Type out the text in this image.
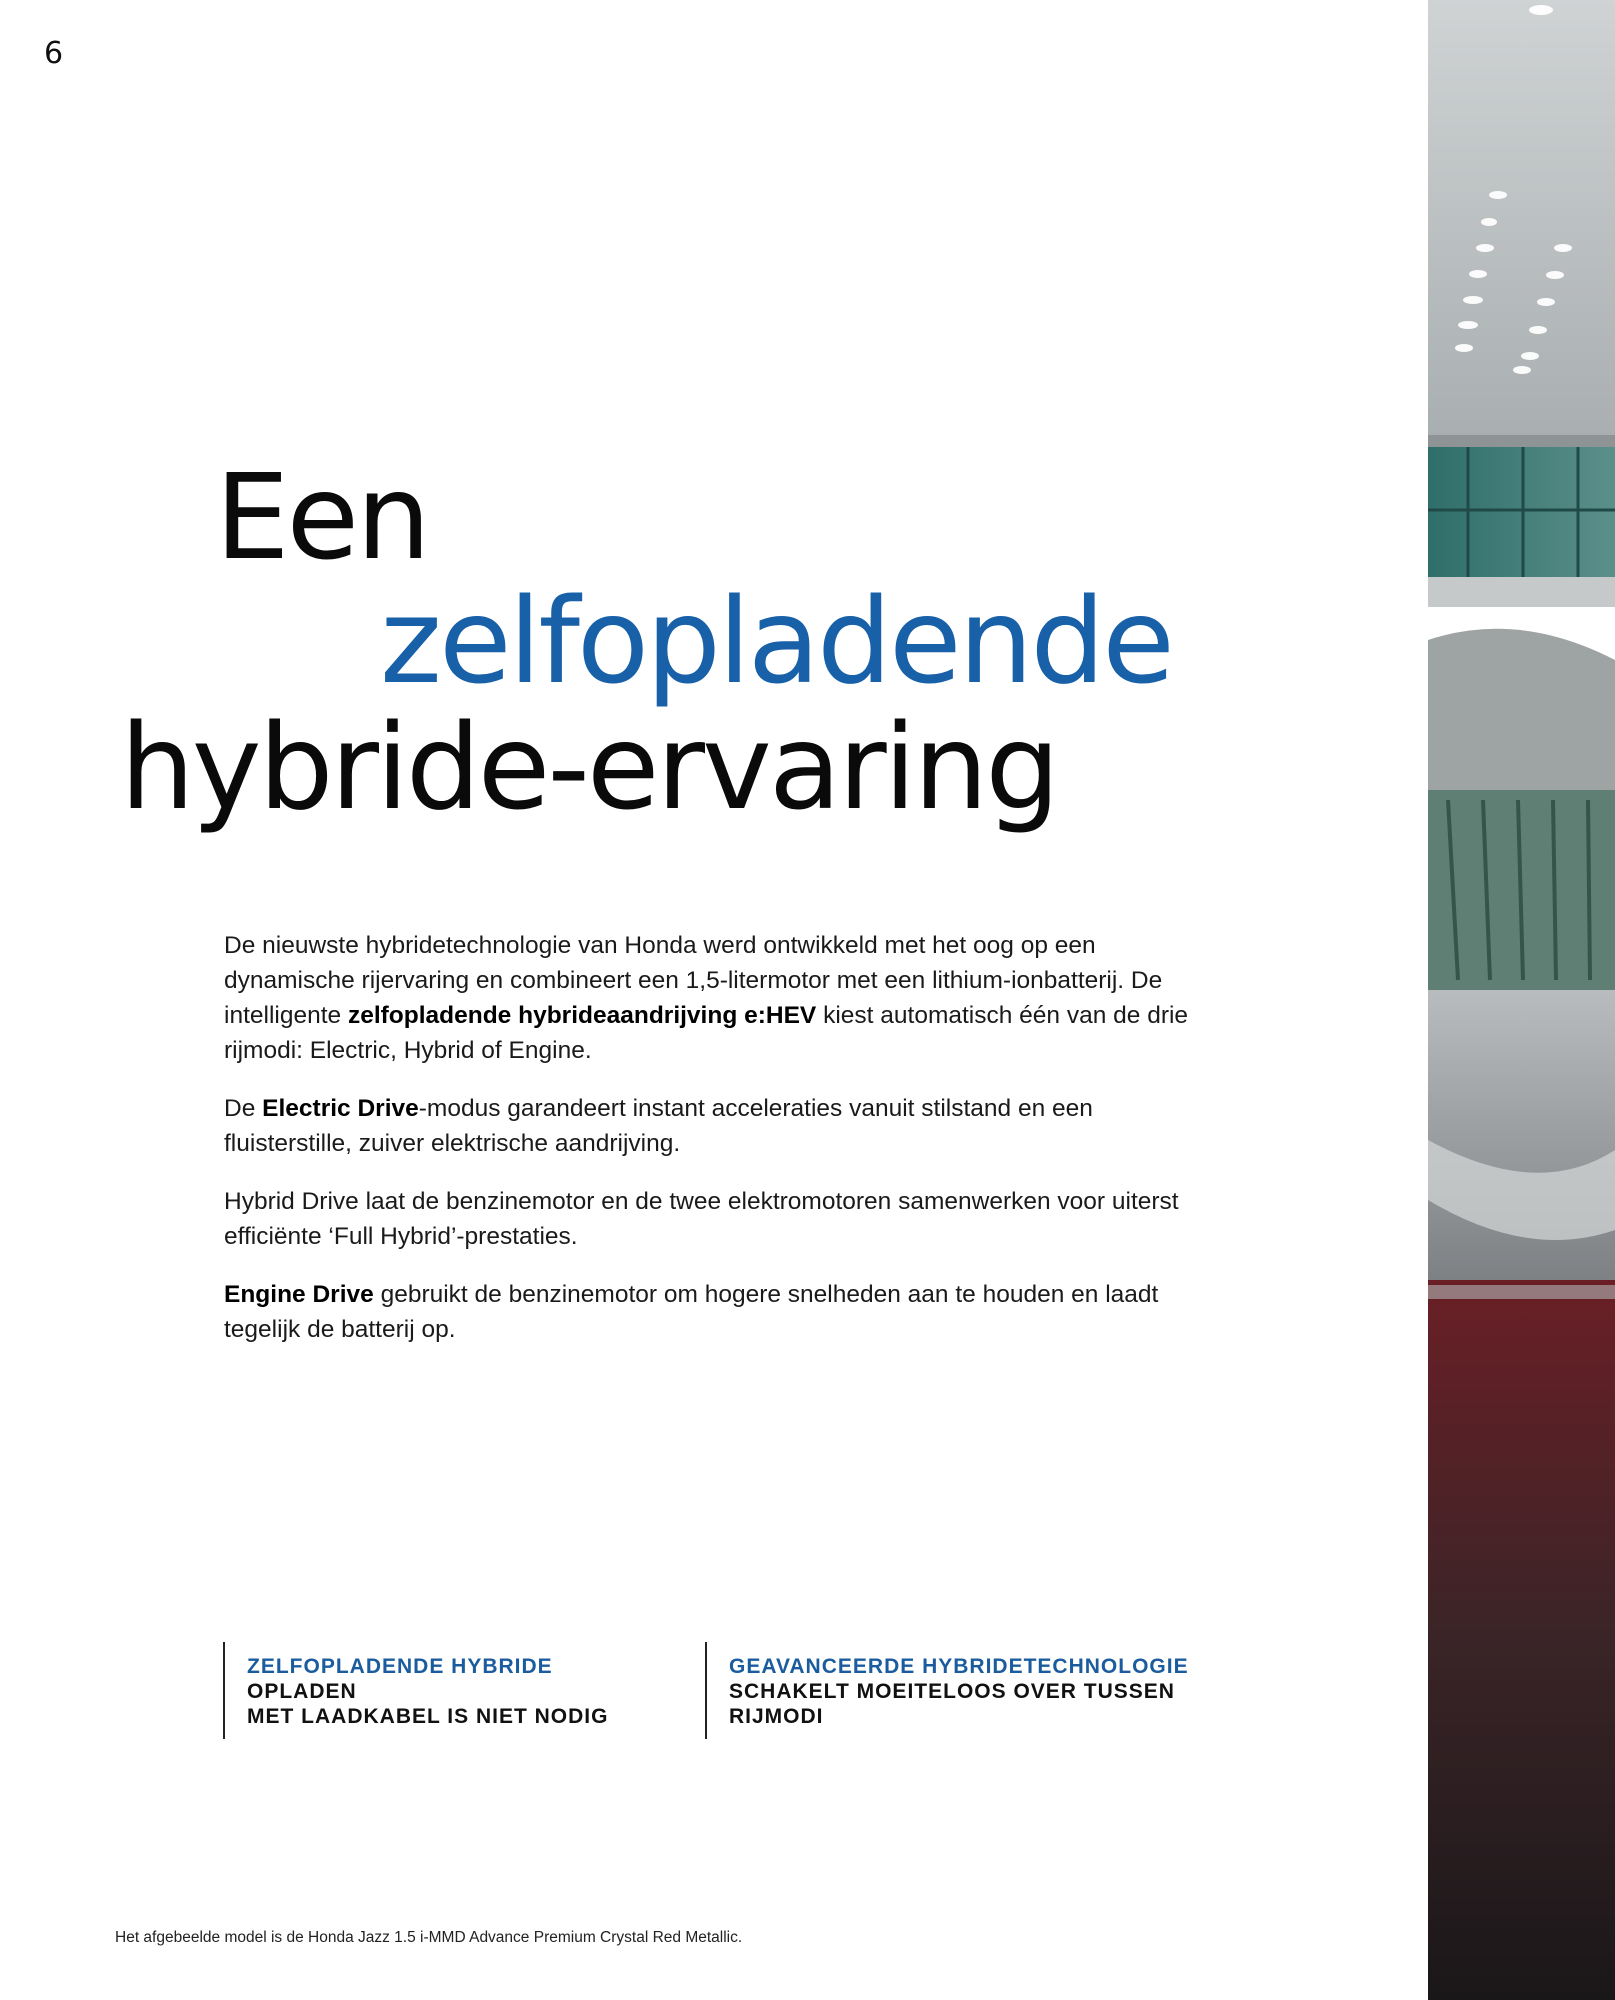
6
Een
zelfopladende
hybride-ervaring

De nieuwste hybridetechnologie van Honda werd ontwikkeld met het oog op een dynamische rijervaring en combineert een 1,5-litermotor met een lithium-ionbatterij. De intelligente zelfopladende hybrideaandrijving e:HEV kiest automatisch één van de drie rijmodi: Electric, Hybrid of Engine.

De Electric Drive-modus garandeert instant acceleraties vanuit stilstand en een fluisterstille, zuiver elektrische aandrijving.

Hybrid Drive laat de benzinemotor en de twee elektromotoren samenwerken voor uiterst efficiënte ‘Full Hybrid’-prestaties.

Engine Drive gebruikt de benzinemotor om hogere snelheden aan te houden en laadt tegelijk de batterij op.

ZELFOPLADENDE HYBRIDE
OPLADEN
MET LAADKABEL IS NIET NODIG
GEAVANCEERDE HYBRIDETECHNOLOGIE
SCHAKELT MOEITELOOS OVER TUSSEN
RIJMODI
Het afgebeelde model is de Honda Jazz 1.5 i-MMD Advance Premium Crystal Red Metallic.
